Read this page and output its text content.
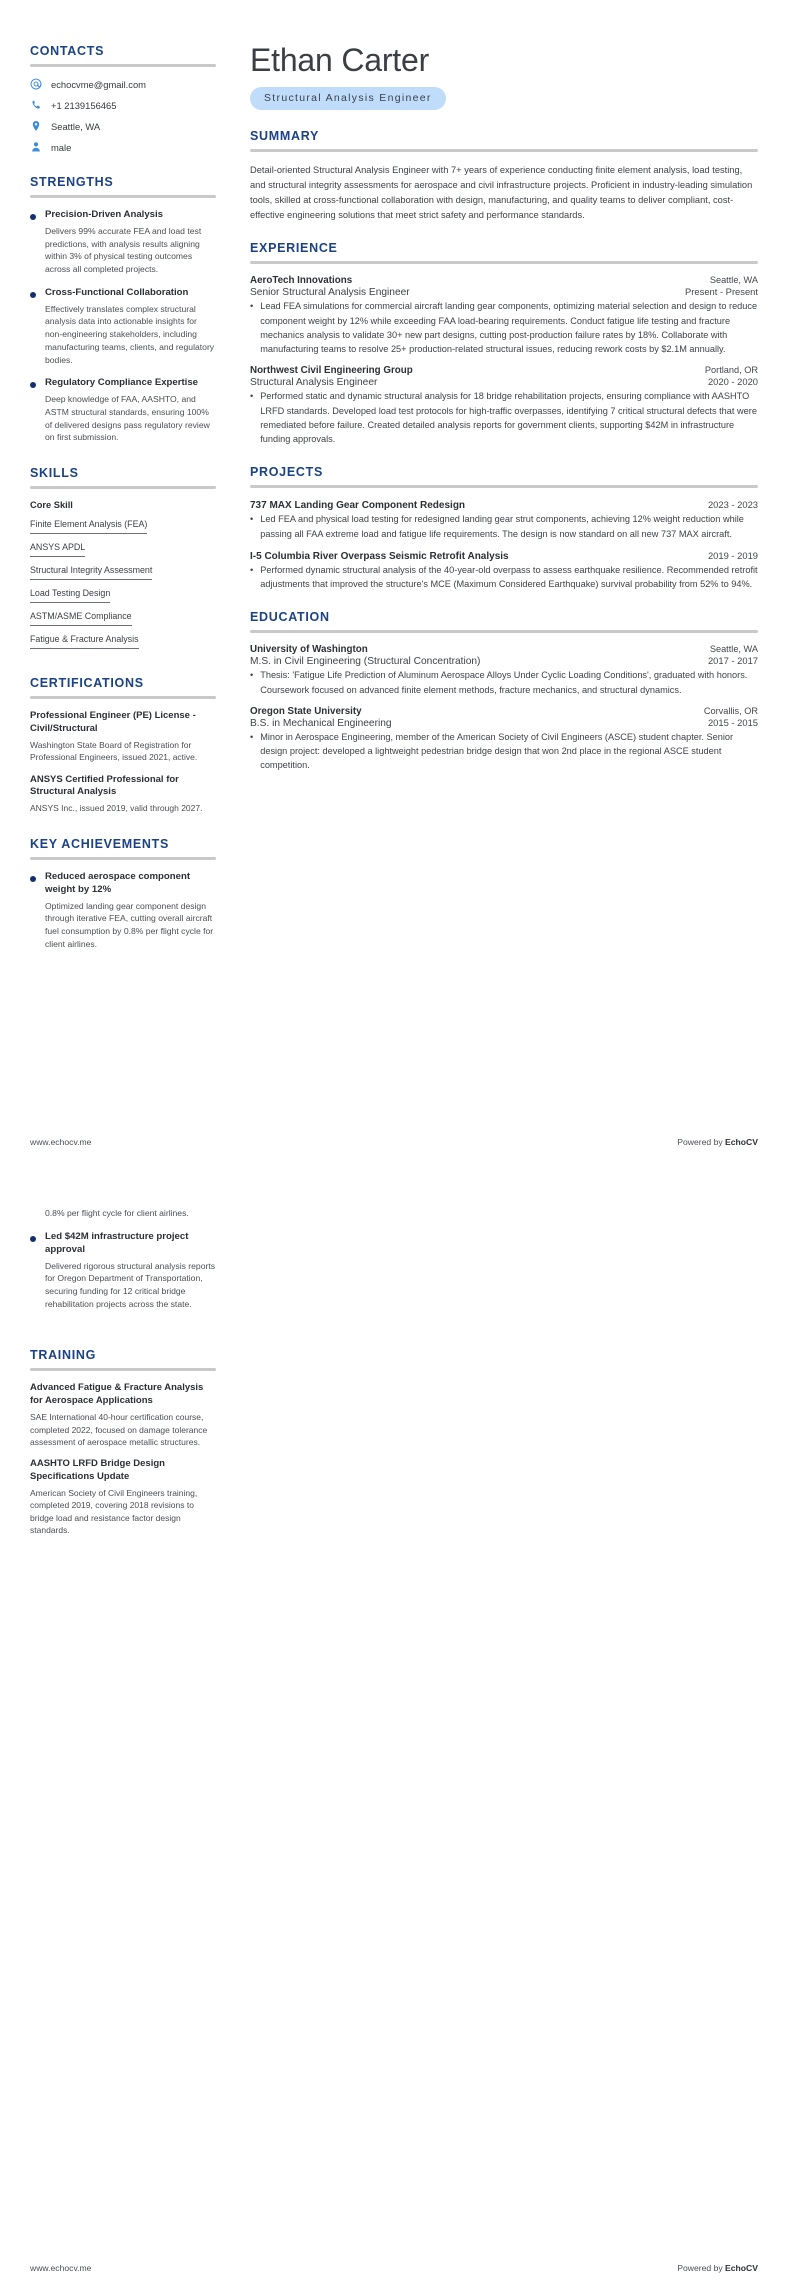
CONTACTS
echocvme@gmail.com
+1 2139156465
Seattle, WA
male
STRENGTHS
Precision-Driven Analysis
Delivers 99% accurate FEA and load test predictions, with analysis results aligning within 3% of physical testing outcomes across all completed projects.
Cross-Functional Collaboration
Effectively translates complex structural analysis data into actionable insights for non-engineering stakeholders, including manufacturing teams, clients, and regulatory bodies.
Regulatory Compliance Expertise
Deep knowledge of FAA, AASHTO, and ASTM structural standards, ensuring 100% of delivered designs pass regulatory review on first submission.
SKILLS
Core Skill
Finite Element Analysis (FEA)
ANSYS APDL
Structural Integrity Assessment
Load Testing Design
ASTM/ASME Compliance
Fatigue & Fracture Analysis
CERTIFICATIONS
Professional Engineer (PE) License - Civil/Structural
Washington State Board of Registration for Professional Engineers, issued 2021, active.
ANSYS Certified Professional for Structural Analysis
ANSYS Inc., issued 2019, valid through 2027.
KEY ACHIEVEMENTS
Reduced aerospace component weight by 12%
Optimized landing gear component design through iterative FEA, cutting overall aircraft fuel consumption by 0.8% per flight cycle for client airlines.
Ethan Carter
Structural Analysis Engineer
SUMMARY

Detail-oriented Structural Analysis Engineer with 7+ years of experience conducting finite element analysis, load testing, and structural integrity assessments for aerospace and civil infrastructure projects. Proficient in industry-leading simulation tools, skilled at cross-functional collaboration with design, manufacturing, and quality teams to deliver compliant, cost-effective engineering solutions that meet strict safety and performance standards.

EXPERIENCE
AeroTech Innovations	Seattle, WA
Senior Structural Analysis Engineer	Present - Present
• Lead FEA simulations for commercial aircraft landing gear components, optimizing material selection and design to reduce component weight by 12% while exceeding FAA load-bearing requirements. Conduct fatigue life testing and fracture mechanics analysis to validate 30+ new part designs, cutting post-production failure rates by 18%. Collaborate with manufacturing teams to resolve 25+ production-related structural issues, reducing rework costs by $2.1M annually.
Northwest Civil Engineering Group	Portland, OR
Structural Analysis Engineer	2020 - 2020
• Performed static and dynamic structural analysis for 18 bridge rehabilitation projects, ensuring compliance with AASHTO LRFD standards. Developed load test protocols for high-traffic overpasses, identifying 7 critical structural defects that were remediated before failure. Created detailed analysis reports for government clients, supporting $42M in infrastructure funding approvals.
PROJECTS
737 MAX Landing Gear Component Redesign	2023 - 2023
• Led FEA and physical load testing for redesigned landing gear strut components, achieving 12% weight reduction while passing all FAA extreme load and fatigue life requirements. The design is now standard on all new 737 MAX aircraft.
I-5 Columbia River Overpass Seismic Retrofit Analysis	2019 - 2019
• Performed dynamic structural analysis of the 40-year-old overpass to assess earthquake resilience. Recommended retrofit adjustments that improved the structure's MCE (Maximum Considered Earthquake) survival probability from 52% to 94%.
EDUCATION
University of Washington	Seattle, WA
M.S. in Civil Engineering (Structural Concentration)	2017 - 2017
• Thesis: 'Fatigue Life Prediction of Aluminum Aerospace Alloys Under Cyclic Loading Conditions', graduated with honors. Coursework focused on advanced finite element methods, fracture mechanics, and structural dynamics.
Oregon State University	Corvallis, OR
B.S. in Mechanical Engineering	2015 - 2015
• Minor in Aerospace Engineering, member of the American Society of Civil Engineers (ASCE) student chapter. Senior design project: developed a lightweight pedestrian bridge design that won 2nd place in the regional ASCE student competition.
www.echocv.me	Powered by EchoCV
0.8% per flight cycle for client airlines.
Led $42M infrastructure project approval
Delivered rigorous structural analysis reports for Oregon Department of Transportation, securing funding for 12 critical bridge rehabilitation projects across the state.
TRAINING
Advanced Fatigue & Fracture Analysis for Aerospace Applications
SAE International 40-hour certification course, completed 2022, focused on damage tolerance assessment of aerospace metallic structures.
AASHTO LRFD Bridge Design Specifications Update
American Society of Civil Engineers training, completed 2019, covering 2018 revisions to bridge load and resistance factor design standards.
www.echocv.me	Powered by EchoCV
